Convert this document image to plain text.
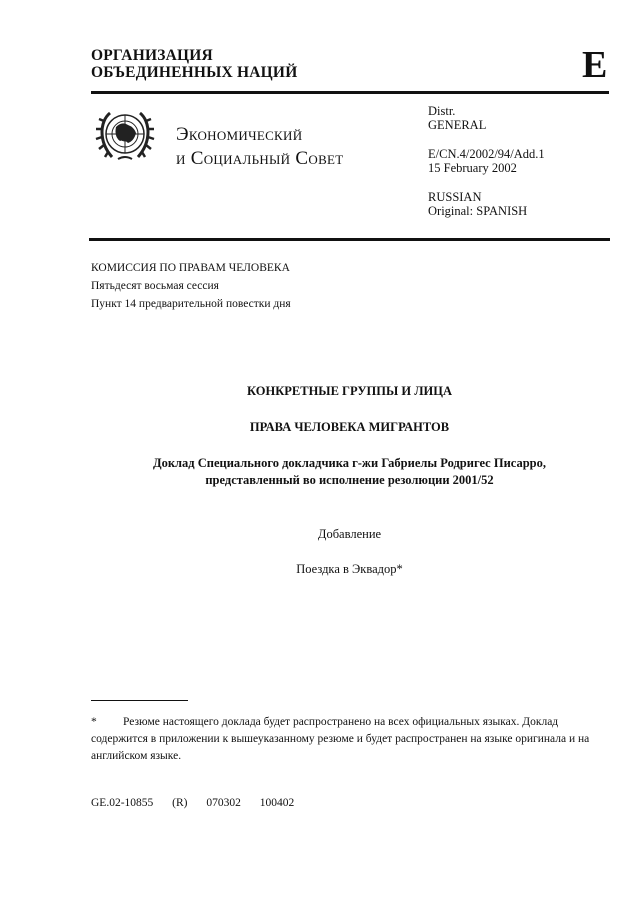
ОРГАНИЗАЦИЯ
ОБЪЕДИНЕННЫХ НАЦИЙ	E
Экономический
и Социальный Совет
Distr.
GENERAL
E/CN.4/2002/94/Add.1
15 February 2002
RUSSIAN
Original: SPANISH
КОМИССИЯ ПО ПРАВАМ ЧЕЛОВЕКА
Пятьдесят восьмая сессия
Пункт 14 предварительной повестки дня
КОНКРЕТНЫЕ ГРУППЫ И ЛИЦА
ПРАВА ЧЕЛОВЕКА МИГРАНТОВ
Доклад Специального докладчика г-жи Габриелы Родригес Писарро,
представленный во исполнение резолюции 2001/52
Добавление
Поездка в Эквадор*
* Резюме настоящего доклада будет распространено на всех официальных языках. Доклад содержится в приложении к вышеуказанному резюме и будет распространен на языке оригинала и на английском языке.
GE.02-10855 (R) 070302 100402
